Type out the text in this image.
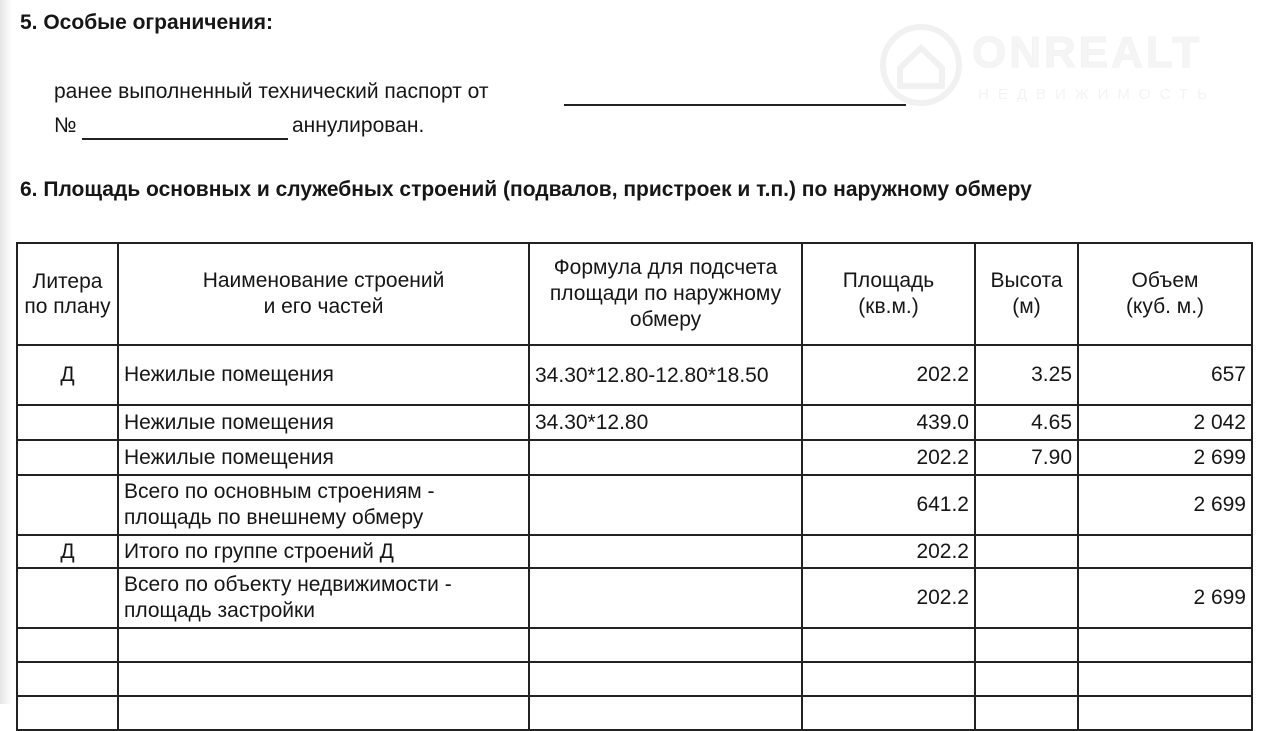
ONREALT
НЕДВИЖИМОСТЬ
5. Особые ограничения:
ранее выполненный технический паспорт от
№	аннулирован.
6. Площадь основных и служебных строений (подвалов, пристроек и т.п.) по наружному обмеру
Литера по плану	Наименование строений и его частей	Формула для подсчета площади по наружному обмеру	Площадь (кв.м.)	Высота (м)	Объем (куб. м.)
Д	Нежилые помещения	34.30*12.80-12.80*18.50	202.2	3.25	657
	Нежилые помещения	34.30*12.80	439.0	4.65	2 042
	Нежилые помещения		202.2	7.90	2 699
	Всего по основным строениям - площадь по внешнему обмеру		641.2		2 699
Д	Итого по группе строений Д		202.2		
	Всего по объекту недвижимости - площадь застройки		202.2		2 699
